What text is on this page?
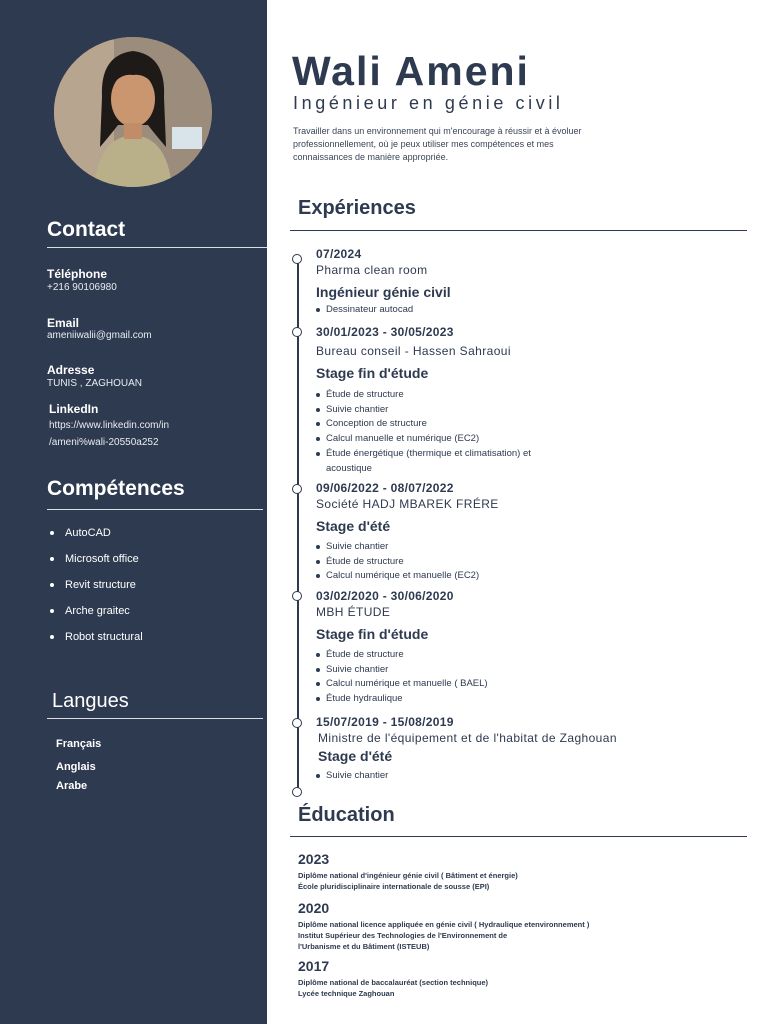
Contact
Téléphone
+216 90106980
Email
ameniiwalii@gmail.com
Adresse
TUNIS , ZAGHOUAN
LinkedIn
https://www.linkedin.com/in
/ameni%wali-20550a252
Compétences
AutoCAD
Microsoft office
Revit structure
Arche graitec
Robot structural
Langues
Français
Anglais
Arabe
Wali Ameni
Ingénieur en génie civil
Travailler dans un environnement qui m'encourage à réussir et à évoluer professionnellement, où je peux utiliser mes compétences et mes connaissances de manière appropriée.
Expériences
07/2024
Pharma clean room
Ingénieur génie civil
Dessinateur autocad
30/01/2023 - 30/05/2023
Bureau conseil - Hassen Sahraoui
Stage fin d'étude
Étude de structure
Suivie chantier
Conception de structure
Calcul manuelle et numérique (EC2)
Étude énergétique (thermique et climatisation) et
acoustique
09/06/2022 - 08/07/2022
Société HADJ MBAREK FRÉRE
Stage d'été
Suivie chantier
Étude de structure
Calcul numérique et manuelle (EC2)
03/02/2020 - 30/06/2020
MBH ÉTUDE
Stage fin d'étude
Étude de structure
Suivie chantier
Calcul numérique et manuelle ( BAEL)
Étude hydraulique
15/07/2019 - 15/08/2019
Ministre de l'équipement et de l'habitat de Zaghouan
Stage d'été
Suivie chantier
Éducation
2023
Diplôme national d'ingénieur génie civil ( Bâtiment et énergie)
École pluridisciplinaire internationale de sousse (EPI)
2020
Diplôme national licence appliquée en génie civil ( Hydraulique etenvironnement )
Institut Supérieur des Technologies de l'Environnement de
l'Urbanisme et du Bâtiment (ISTEUB)
2017
Diplôme national de baccalauréat (section technique)
Lycée technique Zaghouan
